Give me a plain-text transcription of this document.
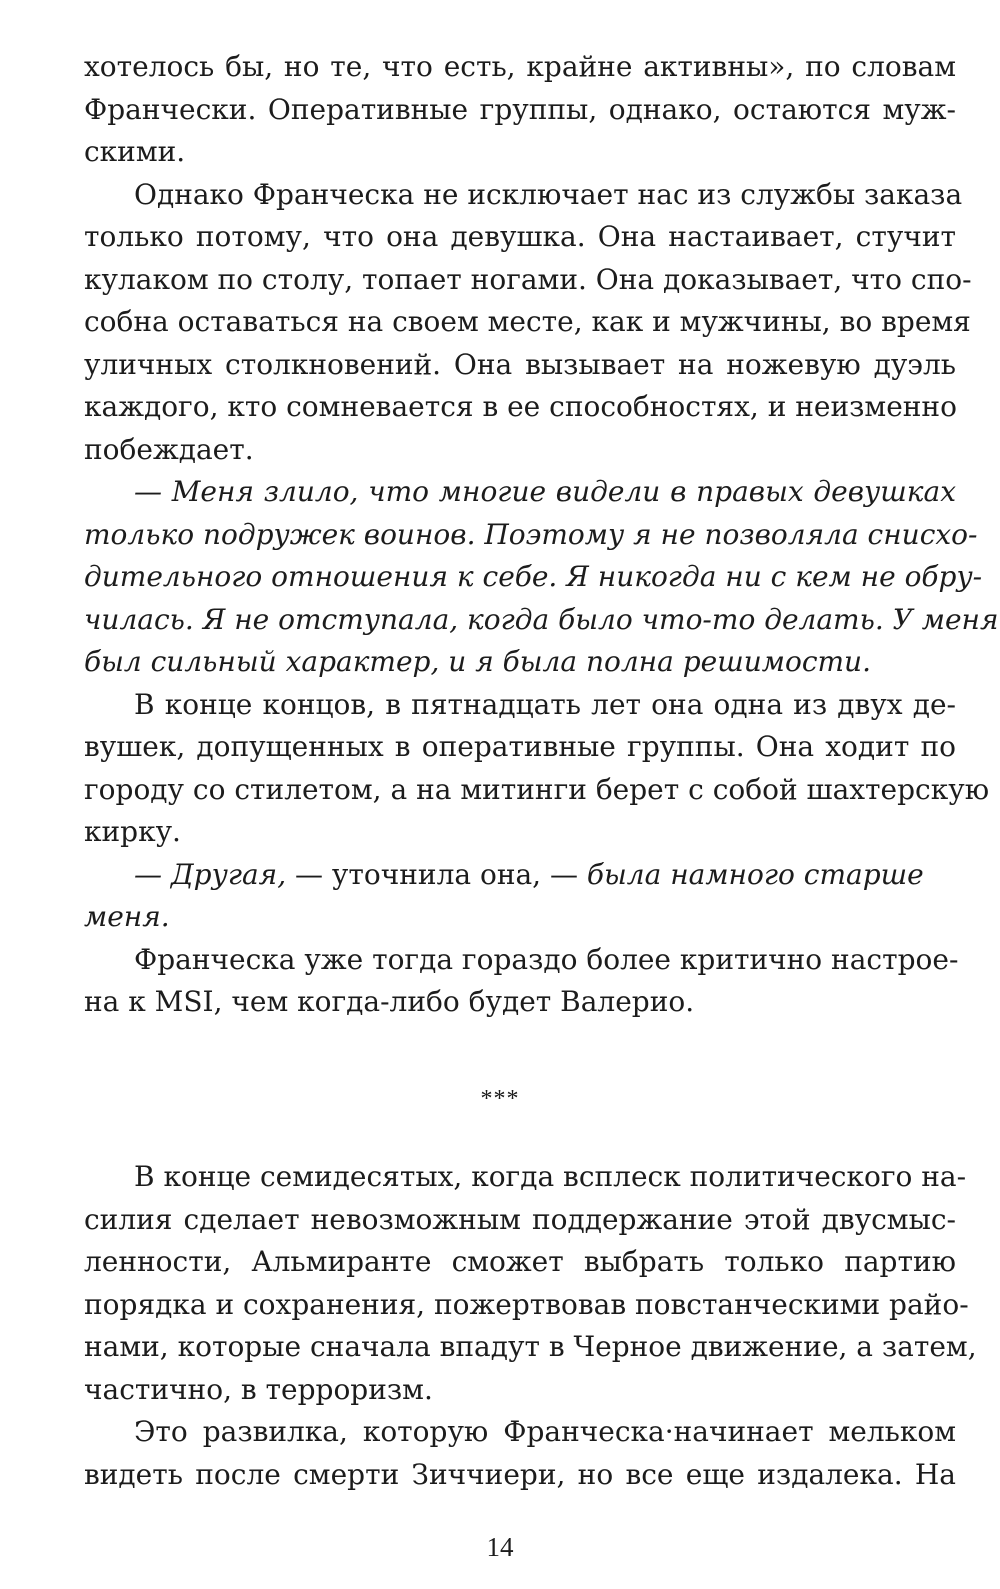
хотелось бы, но те, что есть, крайне активны», по словам
Франчески. Оперативные группы, однако, остаются муж-
скими.
Однако Франческа не исключает нас из службы заказа
только потому, что она девушка. Она настаивает, стучит
кулаком по столу, топает ногами. Она доказывает, что спо-
собна оставаться на своем месте, как и мужчины, во время
уличных столкновений. Она вызывает на ножевую дуэль
каждого, кто сомневается в ее способностях, и неизменно
побеждает.
— Меня злило, что многие видели в правых девушках
только подружек воинов. Поэтому я не позволяла снисхо-
дительного отношения к себе. Я никогда ни с кем не обру-
чилась. Я не отступала, когда было что-то делать. У меня
был сильный характер, и я была полна решимости.
В конце концов, в пятнадцать лет она одна из двух де-
вушек, допущенных в оперативные группы. Она ходит по
городу со стилетом, а на митинги берет с собой шахтерскую
кирку.
— Другая, — уточнила она, — была намного старше
меня.
Франческа уже тогда гораздо более критично настрое-
на к MSI, чем когда-либо будет Валерио.
***
В конце семидесятых, когда всплеск политического на-
силия сделает невозможным поддержание этой двусмыс-
ленности, Альмиранте сможет выбрать только партию
порядка и сохранения, пожертвовав повстанческими райо-
нами, которые сначала впадут в Черное движение, а затем,
частично, в терроризм.
Это развилка, которую Франческа·начинает мельком
видеть после смерти Зиччиери, но все еще издалека. На
14
